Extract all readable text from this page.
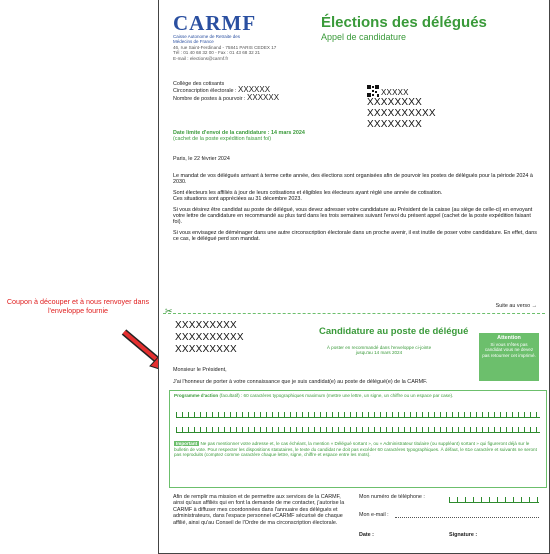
Coupon à découper et à nous renvoyer dans l'enveloppe fournie
CARMF
Caisse Autonome de Retraite des Médecins de France
46, rue Saint-Ferdinand - 75841 PARIS CEDEX 17
Tél : 01 40 68 32 00 - Fax : 01 43 68 32 21
E-mail : elections@carmf.fr
Élections des délégués
Appel de candidature
Collège des cotisants
Circonscription électorale : XXXXXX
Nombre de postes à pourvoir : XXXXXX
XXXXX
XXXXXXXX
XXXXXXXXXX
XXXXXXXX
Date limite d'envoi de la candidature : 14 mars 2024
(cachet de la poste expédition faisant foi)
Paris, le 22 février 2024
Le mandat de vos délégués arrivant à terme cette année, des élections sont organisées afin de pourvoir les postes de délégués pour la période 2024 à 2030.
Sont électeurs les affiliés à jour de leurs cotisations et éligibles les électeurs ayant réglé une année de cotisation.
Ces situations sont appréciées au 31 décembre 2023.
Si vous désirez être candidat au poste de délégué, vous devez adresser votre candidature au Président de la caisse (au siège de celle-ci) en envoyant votre lettre de candidature en recommandé au plus tard dans les trois semaines suivant l'envoi du présent appel (cachet de la poste expédition faisant foi).
Si vous envisagez de déménager dans une autre circonscription électorale dans un proche avenir, il est inutile de poser votre candidature. En effet, dans ce cas, le délégué perd son mandat.
Suite au verso →
✂
XXXXXXXXX
XXXXXXXXXX
XXXXXXXXX
Candidature au poste de délégué
À poster en recommandé dans l'enveloppe ci-jointe
jusqu'au 14 mars 2024
Attention
Si vous n'êtes pas candidat vous ne devez pas retourner cet imprimé.
Monsieur le Président,
J'ai l'honneur de porter à votre connaissance que je suis candidat(e) au poste de délégué(e) de la CARMF.
Programme d'action (facultatif) : 60 caractères typographiques maximum (mettre une lettre, un signe, un chiffre ou un espace par case).
Important Ne pas mentionner votre adresse et, le cas échéant, la mention « Délégué sortant », ou « Administrateur titulaire (ou suppléant) sortant » qui figureront déjà sur le bulletin de vote. Pour respecter les dispositions statutaires, le texte du candidat ne doit pas excéder 60 caractères typographiques. À défaut, le 61e caractère et suivants ne seront pas reproduits (comptez comme caractère chaque lettre, signe, chiffre et espace entre les mots).
Afin de remplir ma mission et de permettre aux services de la CARMF, ainsi qu'aux affiliés qui en font la demande de me contacter, j'autorise la CARMF à diffuser mes coordonnées dans l'annuaire des délégués et administrateurs, dans l'espace personnel eCARMF sécurisé de chaque affilié, ainsi qu'au Conseil de l'Ordre de ma circonscription électorale.
Mon numéro de téléphone :
Mon e-mail :
Date :	Signature :
